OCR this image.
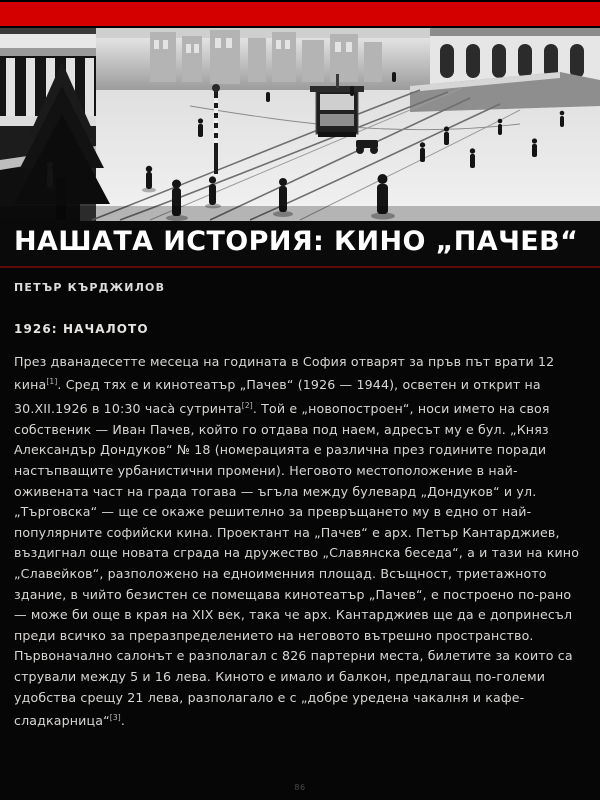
НАШАТА ИСТОРИЯ: КИНО „ПАЧЕВ“

ПЕТЪР КЪРДЖИЛОВ

1926: НАЧАЛОТО

През дванадесетте месеца на годината в София отварят за пръв път врати 12 кина[1]. Сред тях е и кинотеатър „Пачев“ (1926 — 1944), осветен и открит на 30.XII.1926 в 10:30 часа̀ сутринта[2]. Той е „новопостроен“, носи името на своя собственик — Иван Пачев, който го отдава под наем, адресът му е бул. „Княз Александър Дондуков“ № 18 (номерацията е различна през годините поради настъпващите урбанистични промени). Неговото местоположение в най-оживената част на града тогава — ъгъла между булевард „Дондуков“ и ул. „Търговска“ — ще се окаже решително за превръщането му в едно от най-популярните софийски кина. Проектант на „Пачев“ е арх. Петър Кантарджиев, въздигнал още новата сграда на дружество „Славянска беседа“, а и тази на кино „Славейков“, разположено на едноименния площад. Всъщност, триетажното здание, в чийто безистен се помещава кинотеатър „Пачев“, е построено по-рано — може би още в края на XIX век, така че арх. Кантарджиев ще да е допринесъл преди всичко за преразпределението на неговото вътрешно пространство. Първоначално салонът е разполагал с 826 партерни места, билетите за които са стрували между 5 и 16 лева. Киното е имало и балкон, предлагащ по-големи удобства срещу 21 лева, разполагало е с „добре уредена чакалня и кафе-сладкарница“[3].

86
